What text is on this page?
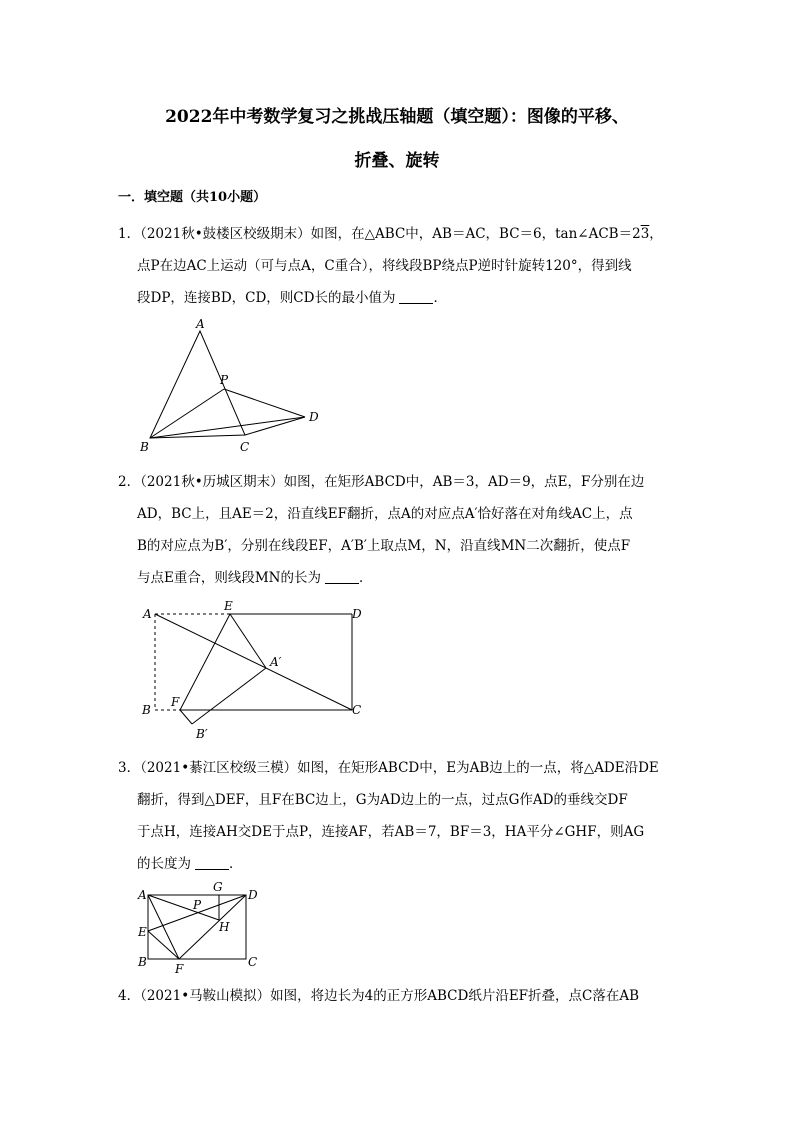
2022年中考数学复习之挑战压轴题（填空题）：图像的平移、
折叠、旋转
一．填空题（共10小题）
1．（2021秋•鼓楼区校级期末）如图，在△ABC中，AB＝AC，BC＝6，tan∠ACB＝23，
点P在边AC上运动（可与点A，C重合），将线段BP绕点P逆时针旋转120°，得到线
段DP，连接BD，CD，则CD长的最小值为	．
A
B	C
D
P
2．（2021秋•历城区期末）如图，在矩形ABCD中，AB＝3，AD＝9，点E，F分别在边
AD，BC上，且AE＝2，沿直线EF翻折，点A的对应点A′恰好落在对角线AC上，点
B的对应点为B′，分别在线段EF，A′B′上取点M，N，沿直线MN二次翻折，使点F
与点E重合，则线段MN的长为	．
A
E
D
A′
B
F
C
B′
3．（2021•綦江区校级三模）如图，在矩形ABCD中，E为AB边上的一点，将△ADE沿DE
翻折，得到△DEF，且F在BC边上，G为AD边上的一点，过点G作AD的垂线交DF
于点H，连接AH交DE于点P，连接AF，若AB＝7，BF＝3，HA平分∠GHF，则AG
的长度为	．
A
G
D
P
H
E
B F	C
4．（2021•马鞍山模拟）如图，将边长为4的正方形ABCD纸片沿EF折叠，点C落在AB
